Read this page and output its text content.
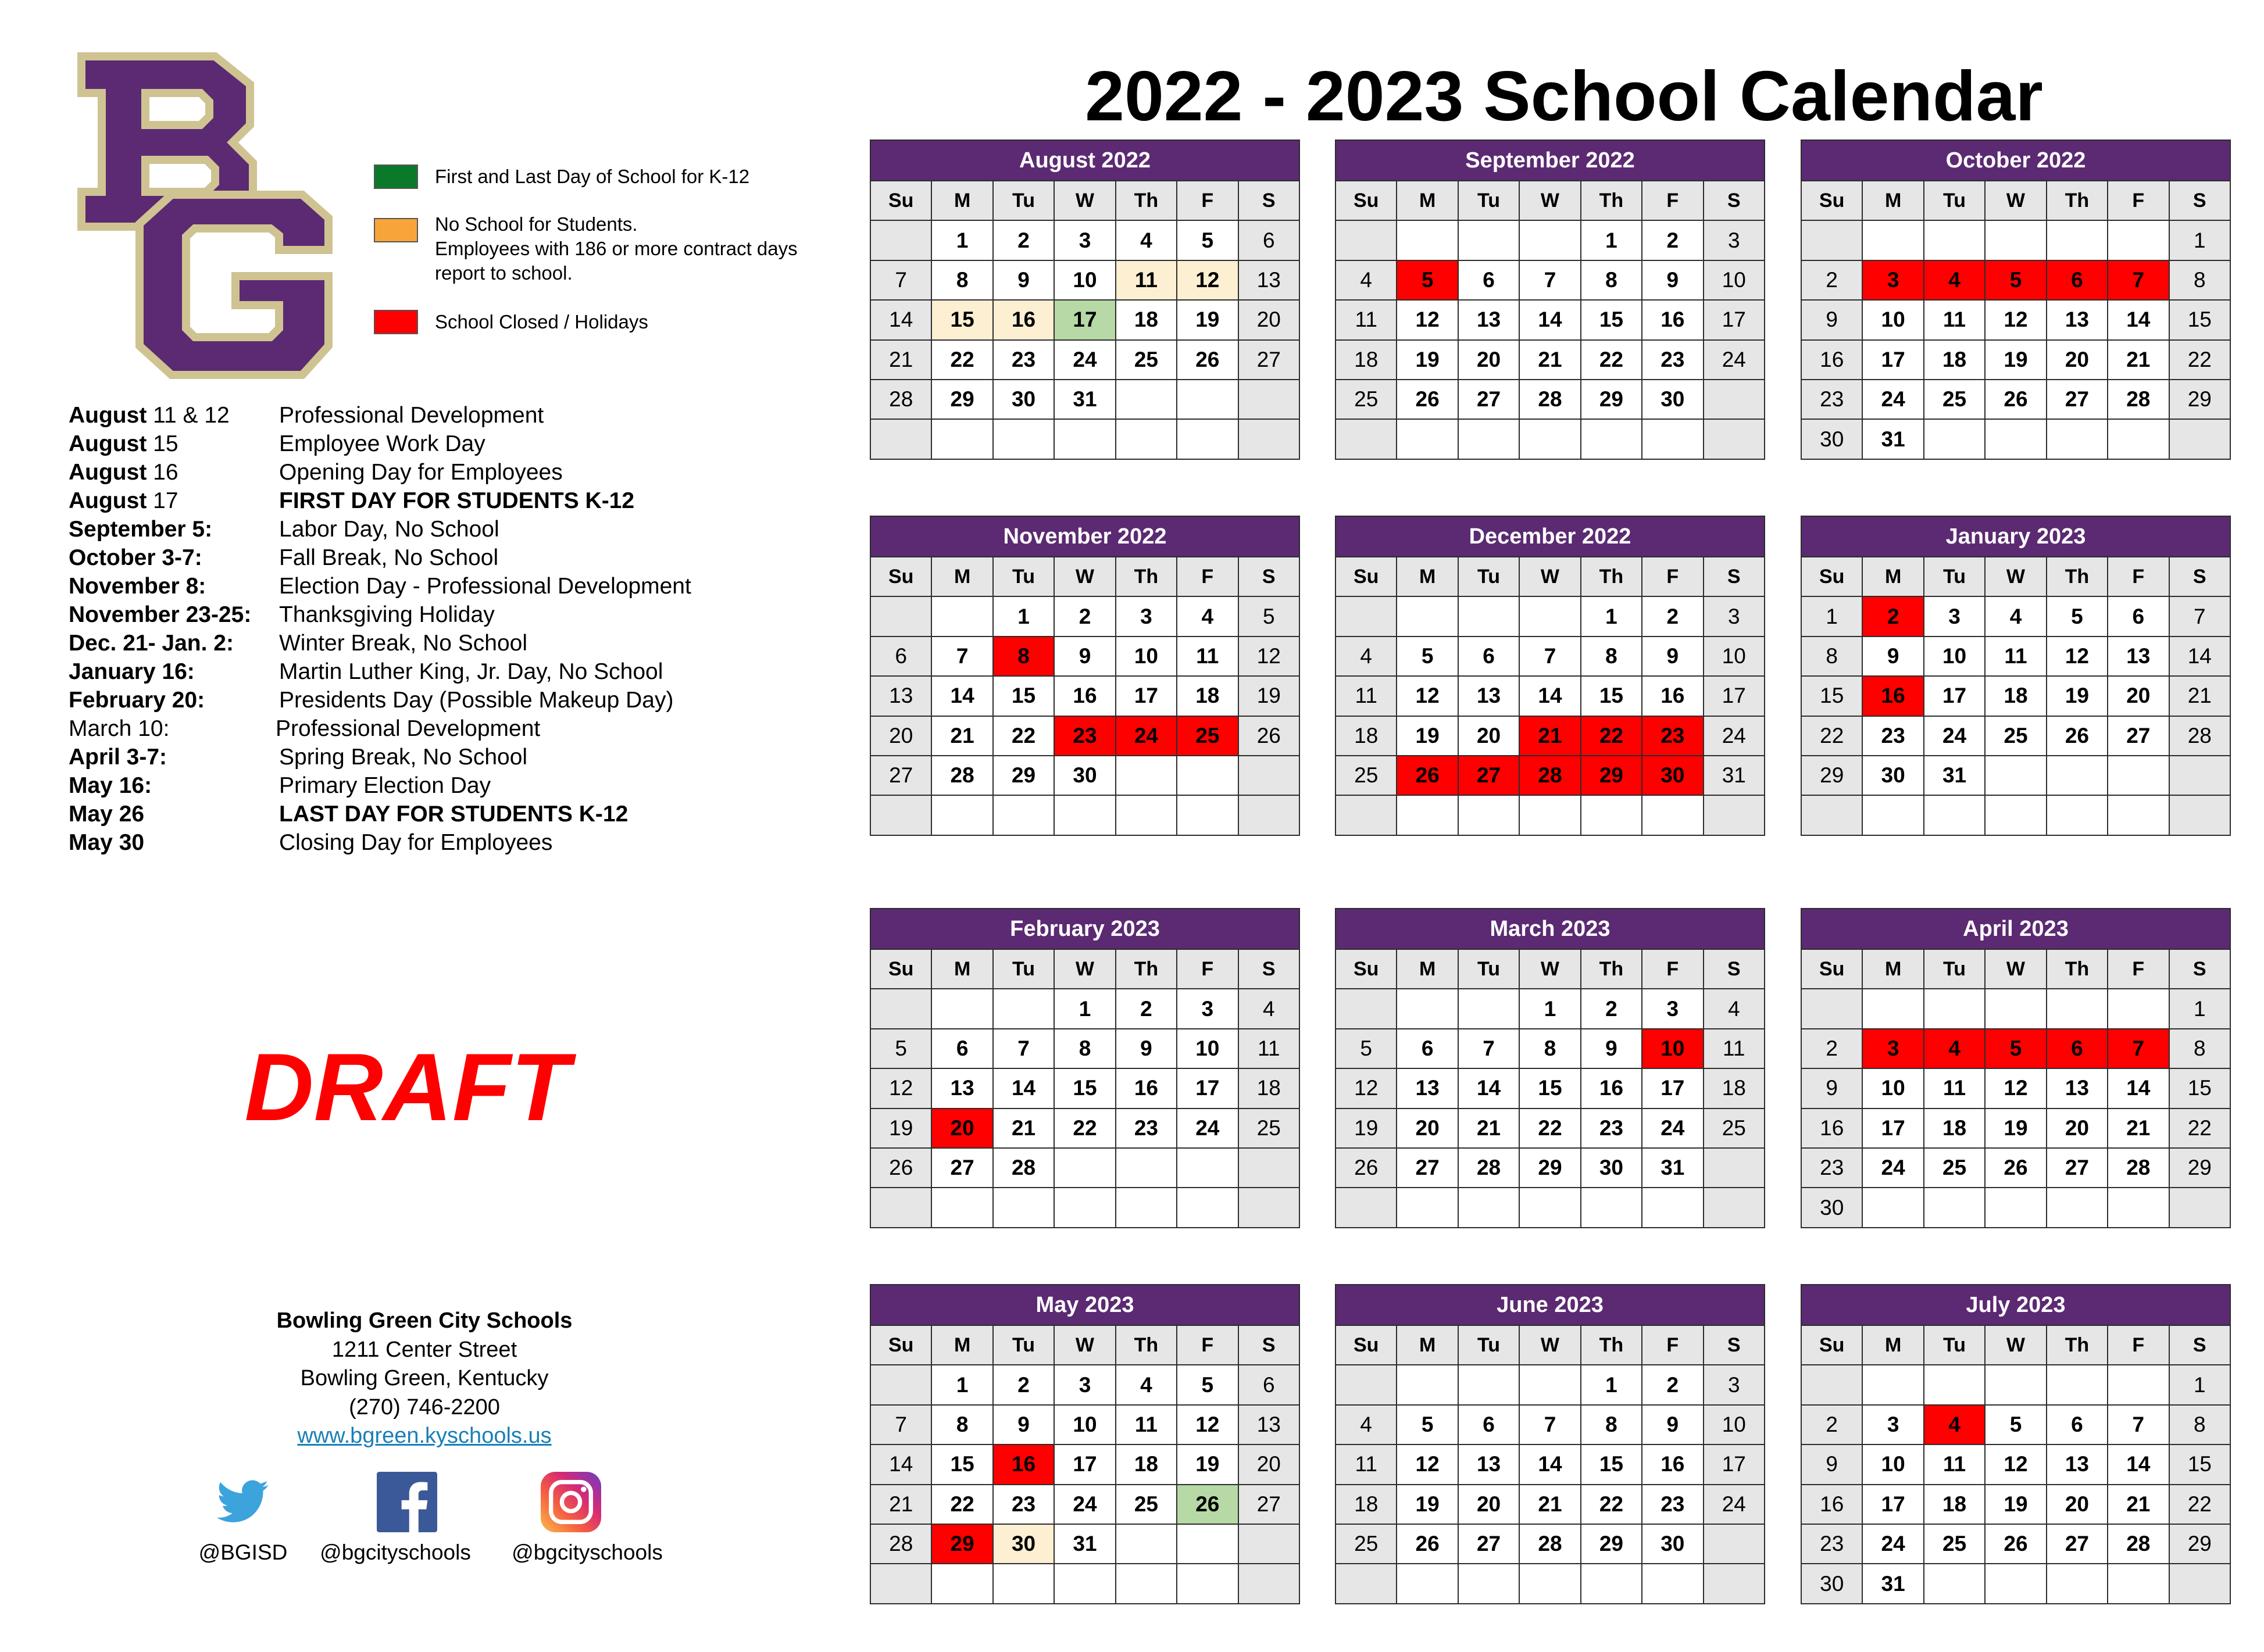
2022 - 2023 School Calendar
First and Last Day of School for K-12
No School for Students.
Employees with 186 or more contract days report to school.
School Closed / Holidays
August 11 & 12 Professional Development
August 15	Employee Work Day
August 16	Opening Day for Employees
August 17	FIRST DAY FOR STUDENTS K-12
September 5:	Labor Day, No School
October 3-7:	Fall Break, No School
November 8:	Election Day - Professional Development
November 23-25: Thanksgiving Holiday
Dec. 21- Jan. 2: Winter Break, No School
January 16:	Martin Luther King, Jr. Day, No School
February 20:	Presidents Day (Possible Makeup Day)
March 10:	Professional Development
April 3-7:	Spring Break, No School
May 16:	Primary Election Day
May 26	LAST DAY FOR STUDENTS K-12
May 30	Closing Day for Employees
DRAFT
Bowling Green City Schools
1211 Center Street
Bowling Green, Kentucky
(270) 746-2200
www.bgreen.kyschools.us
@BGISD	@bgcityschools	@bgcityschools
August 2022						
Su	M	Tu	W	Th	F	S
	1	2	3	4	5	6
7	8	9	10	11	12	13
14	15	16	17	18	19	20
21	22	23	24	25	26	27
28	29	30	31			

September 2022						
Su	M	Tu	W	Th	F	S
				1	2	3
4	5	6	7	8	9	10
11	12	13	14	15	16	17
18	19	20	21	22	23	24
25	26	27	28	29	30	

October 2022						
Su	M	Tu	W	Th	F	S
						1
2	3	4	5	6	7	8
9	10	11	12	13	14	15
16	17	18	19	20	21	22
23	24	25	26	27	28	29
30	31					
November 2022						
Su	M	Tu	W	Th	F	S
		1	2	3	4	5
6	7	8	9	10	11	12
13	14	15	16	17	18	19
20	21	22	23	24	25	26
27	28	29	30			

December 2022						
Su	M	Tu	W	Th	F	S
				1	2	3
4	5	6	7	8	9	10
11	12	13	14	15	16	17
18	19	20	21	22	23	24
25	26	27	28	29	30	31

January 2023						
Su	M	Tu	W	Th	F	S
1	2	3	4	5	6	7
8	9	10	11	12	13	14
15	16	17	18	19	20	21
22	23	24	25	26	27	28
29	30	31				

February 2023						
Su	M	Tu	W	Th	F	S
			1	2	3	4
5	6	7	8	9	10	11
12	13	14	15	16	17	18
19	20	21	22	23	24	25
26	27	28				

March 2023						
Su	M	Tu	W	Th	F	S
			1	2	3	4
5	6	7	8	9	10	11
12	13	14	15	16	17	18
19	20	21	22	23	24	25
26	27	28	29	30	31	

April 2023						
Su	M	Tu	W	Th	F	S
						1
2	3	4	5	6	7	8
9	10	11	12	13	14	15
16	17	18	19	20	21	22
23	24	25	26	27	28	29
30						
May 2023						
Su	M	Tu	W	Th	F	S
	1	2	3	4	5	6
7	8	9	10	11	12	13
14	15	16	17	18	19	20
21	22	23	24	25	26	27
28	29	30	31			

June 2023						
Su	M	Tu	W	Th	F	S
				1	2	3
4	5	6	7	8	9	10
11	12	13	14	15	16	17
18	19	20	21	22	23	24
25	26	27	28	29	30	

July 2023						
Su	M	Tu	W	Th	F	S
						1
2	3	4	5	6	7	8
9	10	11	12	13	14	15
16	17	18	19	20	21	22
23	24	25	26	27	28	29
30	31					
